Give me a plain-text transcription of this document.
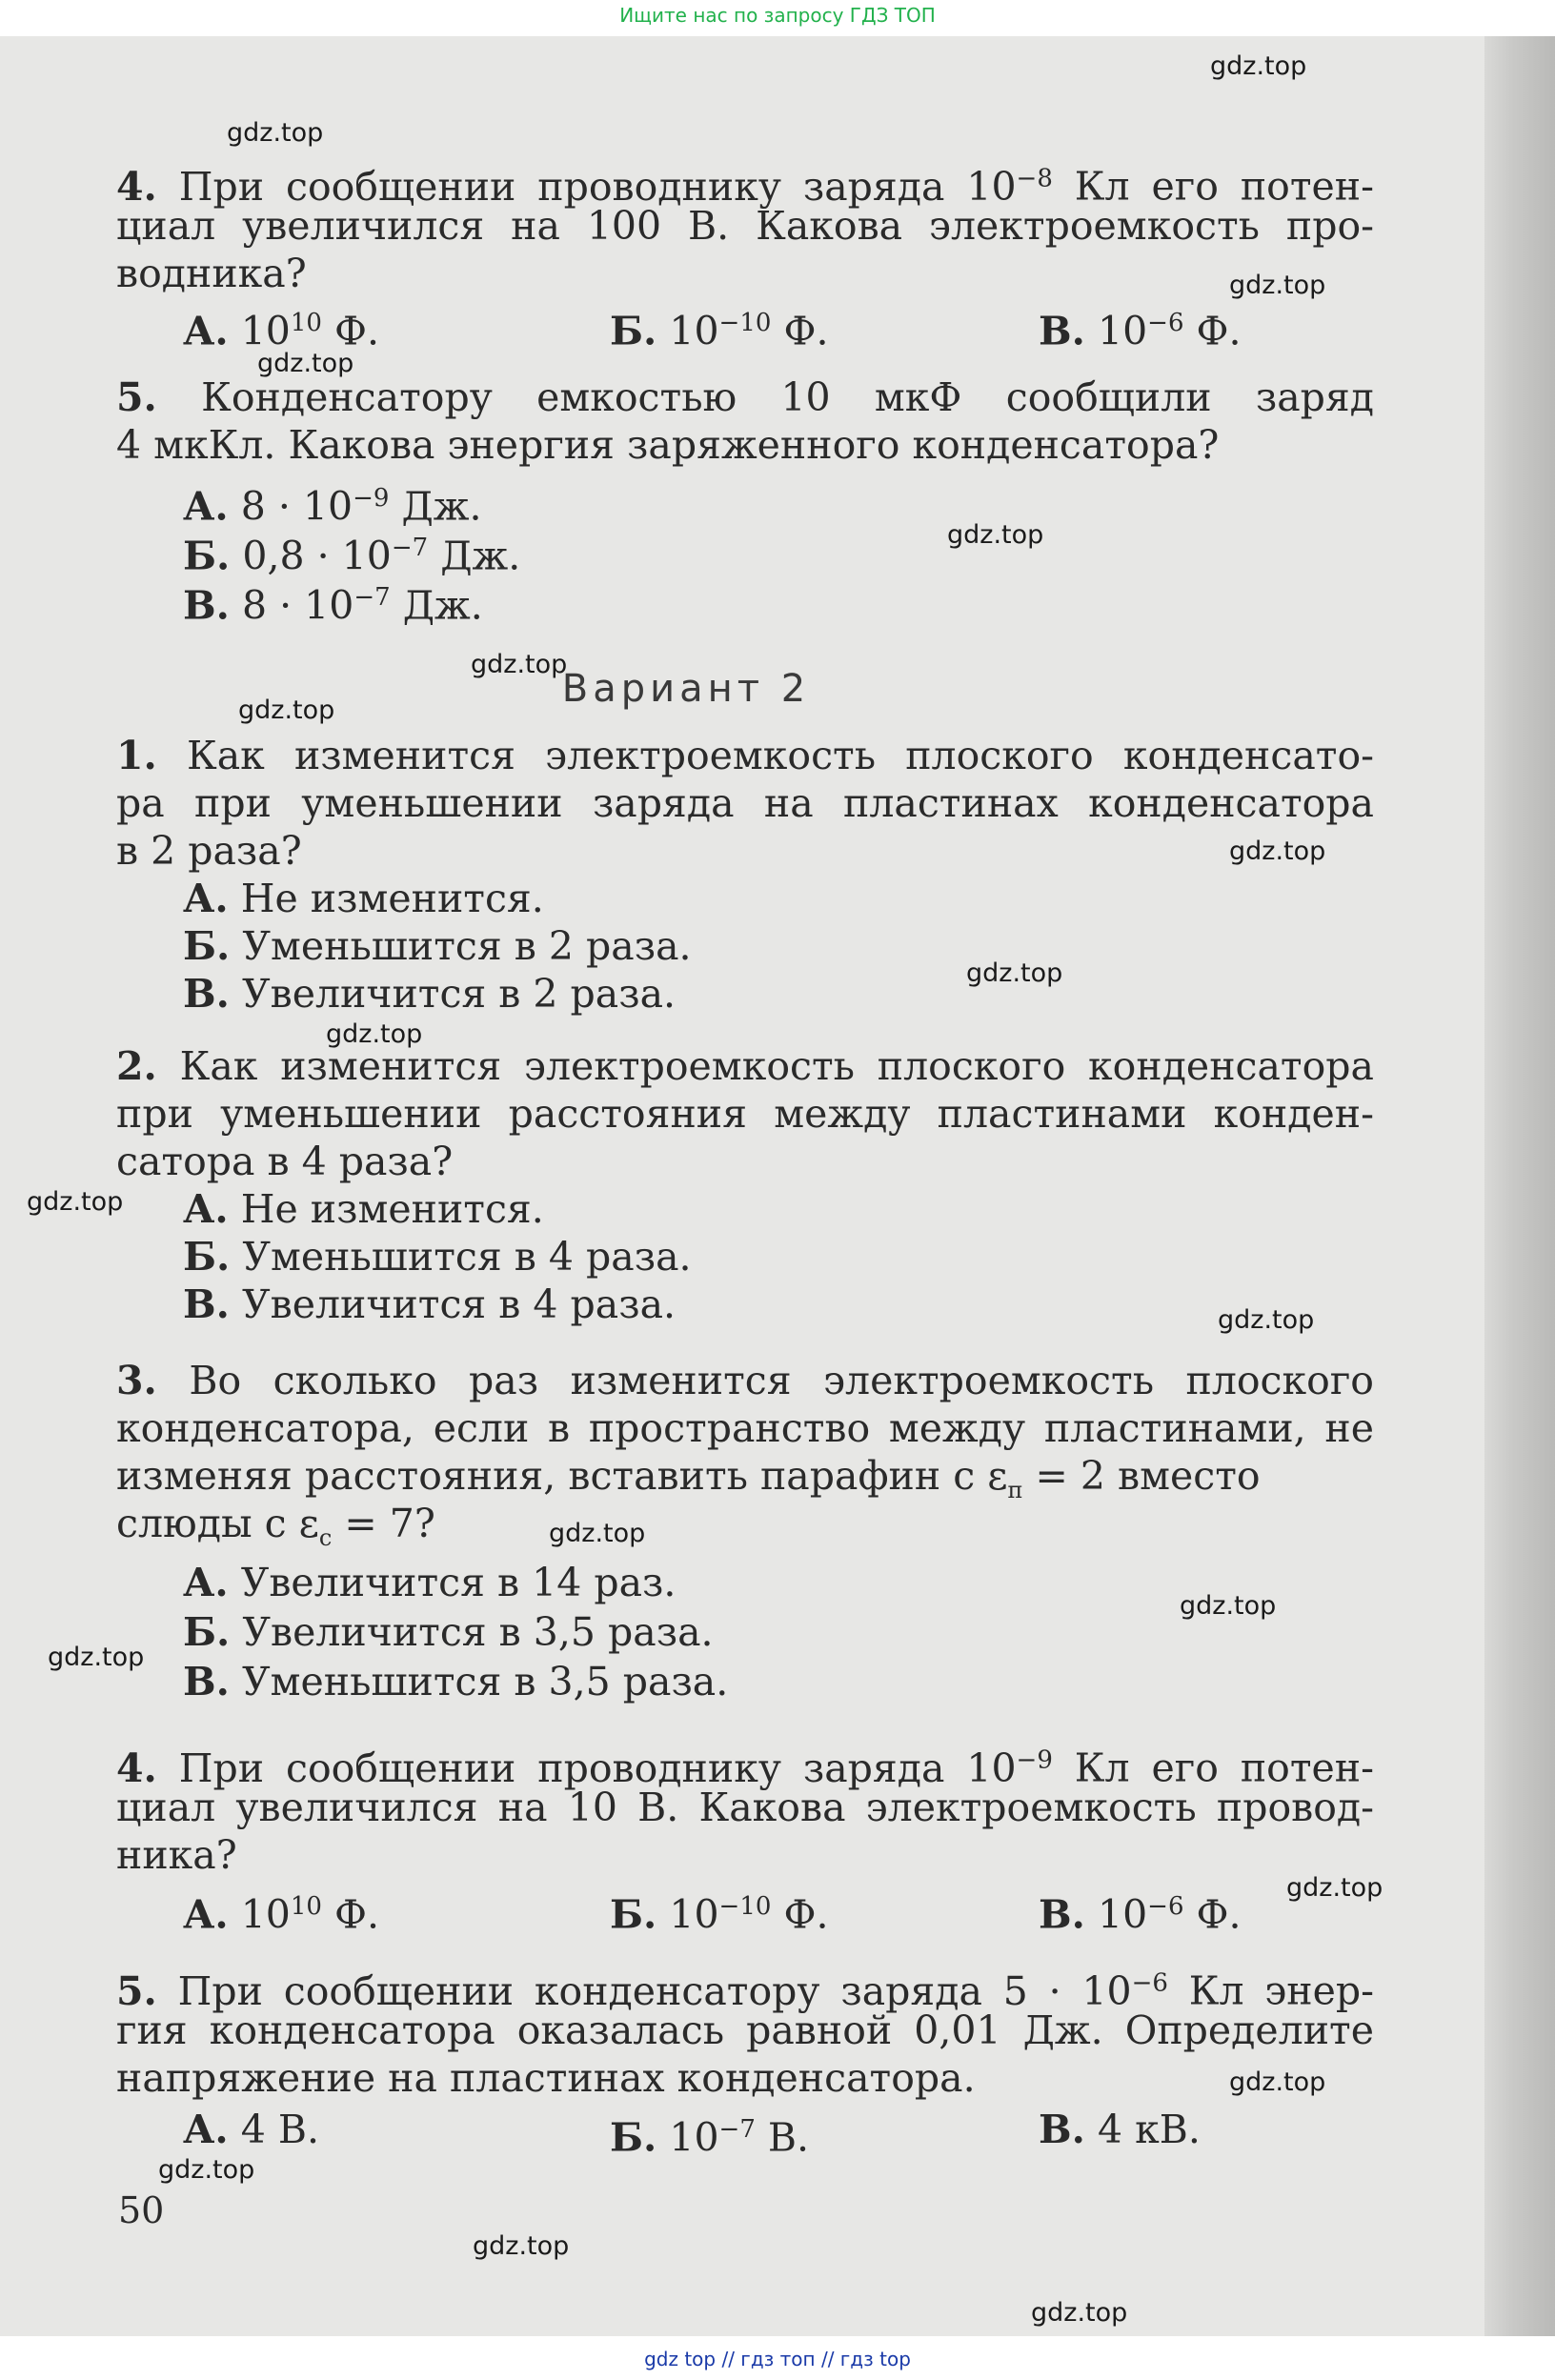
Ищите нас по запросу ГДЗ ТОП
gdz.top
gdz.top
gdz.top
gdz.top
gdz.top
gdz.top
gdz.top
gdz.top
gdz.top
gdz.top
gdz.top
gdz.top
gdz.top
gdz.top
gdz.top
gdz.top
gdz.top
gdz.top
gdz.top
gdz.top
4. При сообщении проводнику заряда $10^{-8}$ Кл его потен-
циал увеличился на 100 В. Какова электроемкость про-
водника?
А. $10^{10}$ Ф.	Б. $10^{-10}$ Ф.	В. $10^{-6}$ Ф.
5. Конденсатору емкостью 10 мкФ сообщили заряд
4 мкКл. Какова энергия заряженного конденсатора?
А. $8 \cdot 10^{-9}$ Дж.
Б. $0,8 \cdot 10^{-7}$ Дж.
В. $8 \cdot 10^{-7}$ Дж.
Вариант 2
1. Как изменится электроемкость плоского конденсато-
ра при уменьшении заряда на пластинах конденсатора
в 2 раза?
А. Не изменится.
Б. Уменьшится в 2 раза.
В. Увеличится в 2 раза.
2. Как изменится электроемкость плоского конденсатора
при уменьшении расстояния между пластинами конден-
сатора в 4 раза?
А. Не изменится.
Б. Уменьшится в 4 раза.
В. Увеличится в 4 раза.
3. Во сколько раз изменится электроемкость плоского
конденсатора, если в пространство между пластинами, не
изменяя расстояния, вставить парафин с $\varepsilon_п = 2$ вместо
слюды с $\varepsilon_с = 7$?
А. Увеличится в 14 раз.
Б. Увеличится в 3,5 раза.
В. Уменьшится в 3,5 раза.
4. При сообщении проводнику заряда $10^{-9}$ Кл его потен-
циал увеличился на 10 В. Какова электроемкость провод-
ника?
А. $10^{10}$ Ф.	Б. $10^{-10}$ Ф.	В. $10^{-6}$ Ф.
5. При сообщении конденсатору заряда $5 \cdot 10^{-6}$ Кл энер-
гия конденсатора оказалась равной 0,01 Дж. Определите
напряжение на пластинах конденсатора.
А. 4 В.	Б. $10^{-7}$ В.	В. 4 кВ.
50
gdz top // гдз топ // гдз top
